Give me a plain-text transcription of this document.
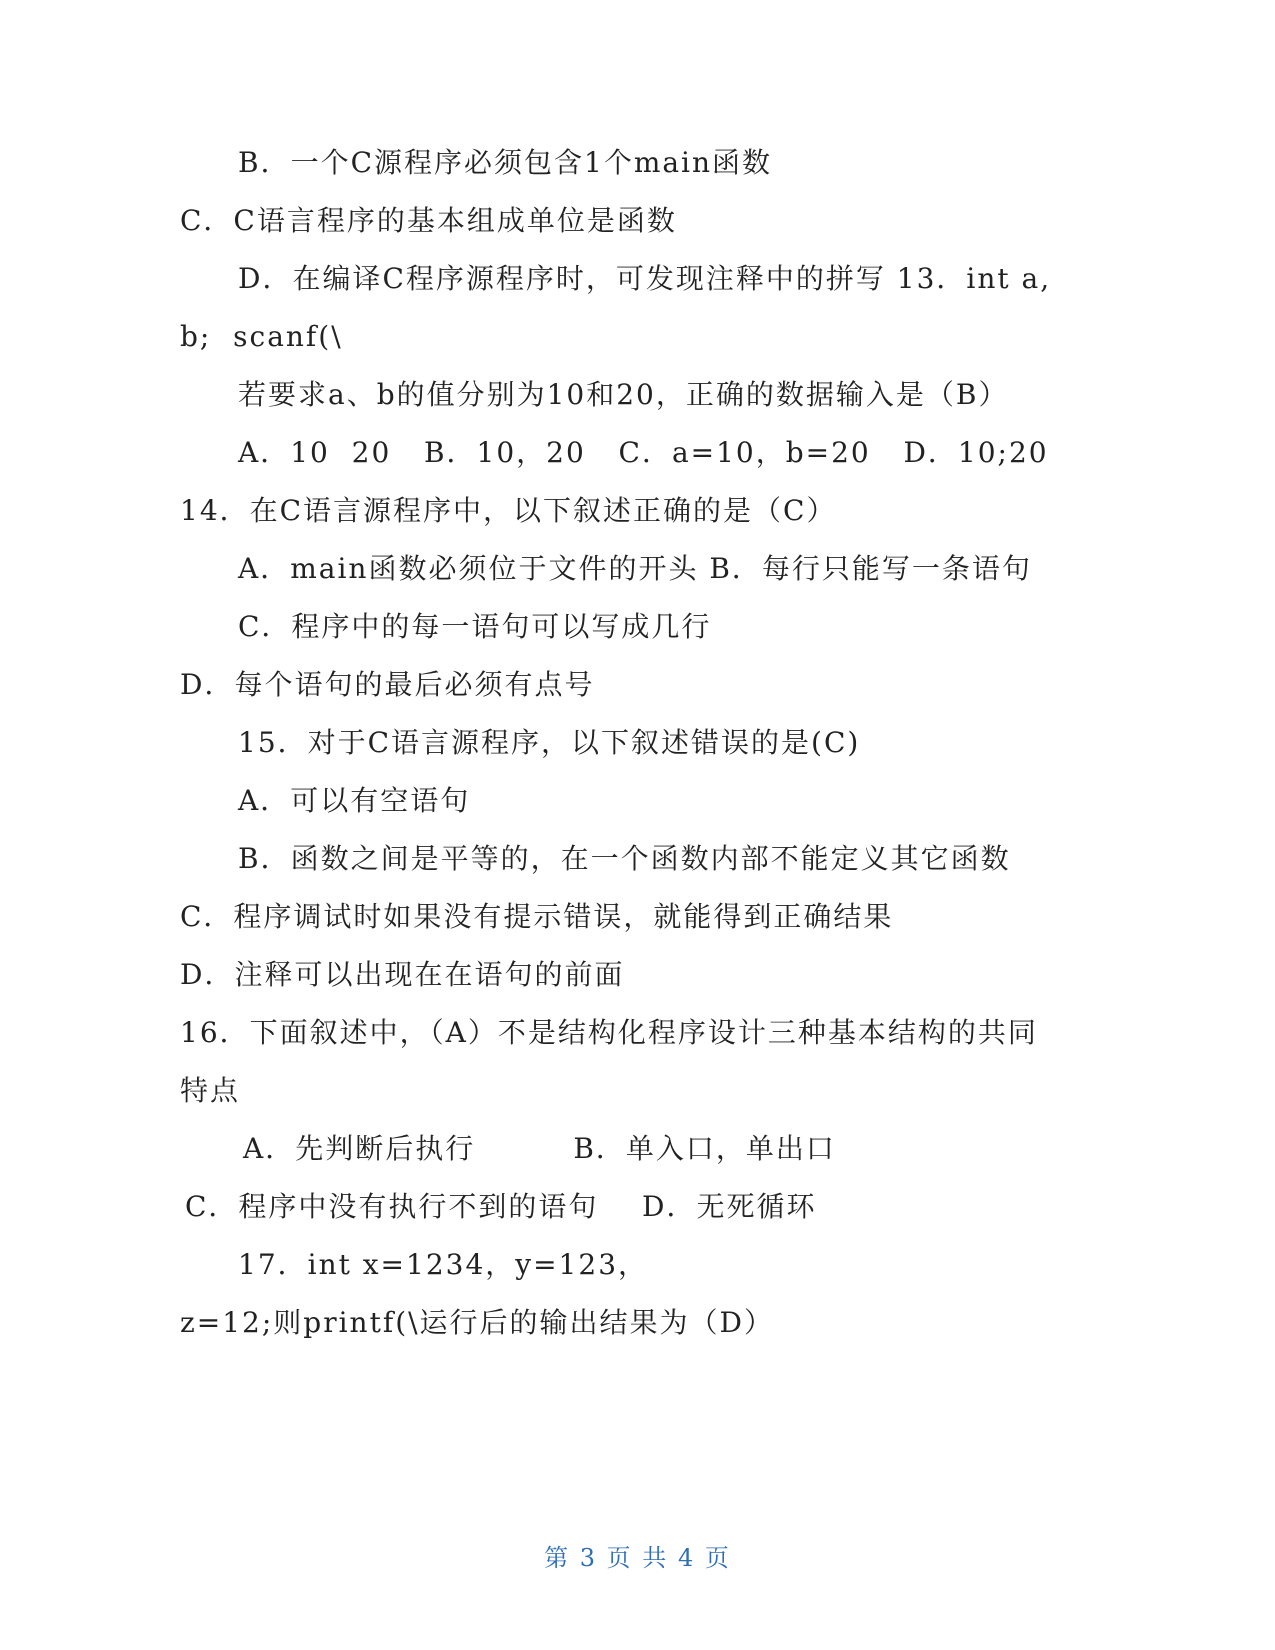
B．一个C源程序必须包含1个main函数
C．C语言程序的基本组成单位是函数
D．在编译C程序源程序时，可发现注释中的拼写 13．int a,
b;  scanf(\
若要求a、b的值分别为10和20，正确的数据输入是（B）
A．10  20   B．10，20   C．a=10，b=20   D．10;20
14．在C语言源程序中，以下叙述正确的是（C）
A．main函数必须位于文件的开头 B．每行只能写一条语句
C．程序中的每一语句可以写成几行
D．每个语句的最后必须有点号
15．对于C语言源程序，以下叙述错误的是(C)
A．可以有空语句
B．函数之间是平等的，在一个函数内部不能定义其它函数
C．程序调试时如果没有提示错误，就能得到正确结果
D．注释可以出现在在语句的前面
16．下面叙述中，（A）不是结构化程序设计三种基本结构的共同
特点
A．先判断后执行         B．单入口，单出口
C．程序中没有执行不到的语句    D．无死循环
17．int x=1234，y=123，
z=12;则printf(\运行后的输出结果为（D）
第 3 页 共 4 页
